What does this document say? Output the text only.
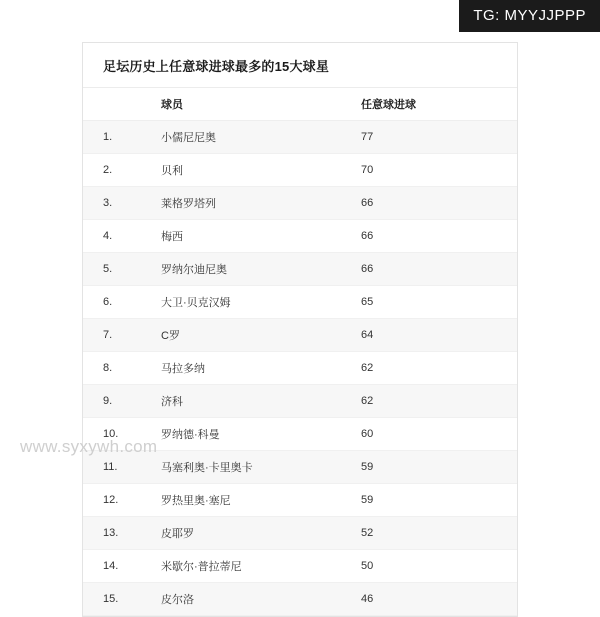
TG: MYYJJPPP
足坛历史上任意球进球最多的15大球星
	球员	任意球进球
1.	小儒尼尼奥	77
2.	贝利	70
3.	莱格罗塔列	66
4.	梅西	66
5.	罗纳尔迪尼奥	66
6.	大卫·贝克汉姆	65
7.	C罗	64
8.	马拉多纳	62
9.	济科	62
10.	罗纳德·科曼	60
11.	马塞利奥·卡里奥卡	59
12.	罗热里奥·塞尼	59
13.	皮耶罗	52
14.	米歇尔·普拉蒂尼	50
15.	皮尔洛	46
www.syxywh.com
